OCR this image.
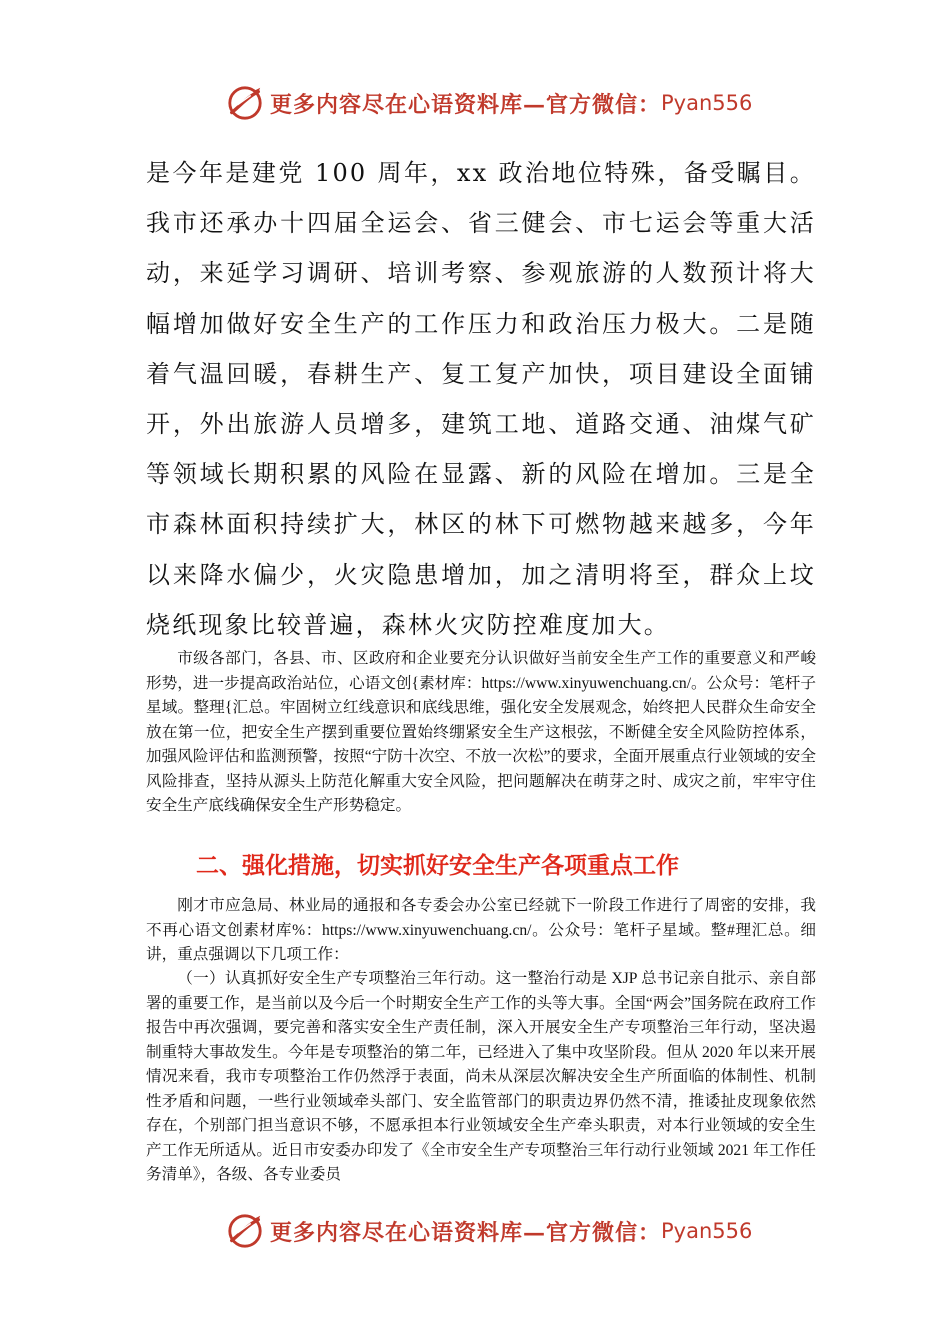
更多内容尽在心语资料库—官方微信： Pyan556
是今年是建党 100 周年，xx 政治地位特殊，备受瞩目。我市还承办十四届全运会、省三健会、市七运会等重大活动，来延学习调研、培训考察、参观旅游的人数预计将大幅增加做好安全生产的工作压力和政治压力极大。二是随着气温回暖，春耕生产、复工复产加快，项目建设全面铺开，外出旅游人员增多，建筑工地、道路交通、油煤气矿等领域长期积累的风险在显露、新的风险在增加。三是全市森林面积持续扩大，林区的林下可燃物越来越多，今年以来降水偏少，火灾隐患增加，加之清明将至，群众上坟烧纸现象比较普遍，森林火灾防控难度加大。

市级各部门，各县、市、区政府和企业要充分认识做好当前安全生产工作的重要意义和严峻形势，进一步提高政治站位，心语文创{素材库：https://www.xinyuwenchuang.cn/。公众号：笔杆子星域。整理{汇总。牢固树立红线意识和底线思维，强化安全发展观念，始终把人民群众生命安全放在第一位，把安全生产摆到重要位置始终绷紧安全生产这根弦，不断健全安全风险防控体系，加强风险评估和监测预警，按照“宁防十次空、不放一次松”的要求，全面开展重点行业领域的安全风险排查，坚持从源头上防范化解重大安全风险，把问题解决在萌芽之时、成灾之前，牢牢守住安全生产底线确保安全生产形势稳定。

二、强化措施，切实抓好安全生产各项重点工作

刚才市应急局、林业局的通报和各专委会办公室已经就下一阶段工作进行了周密的安排，我不再心语文创素材库%：https://www.xinyuwenchuang.cn/。公众号：笔杆子星域。整#理汇总。细讲，重点强调以下几项工作：

（一）认真抓好安全生产专项整治三年行动。这一整治行动是 XJP 总书记亲自批示、亲自部署的重要工作，是当前以及今后一个时期安全生产工作的头等大事。全国“两会”国务院在政府工作报告中再次强调，要完善和落实安全生产责任制，深入开展安全生产专项整治三年行动，坚决遏制重特大事故发生。今年是专项整治的第二年，已经进入了集中攻坚阶段。但从 2020 年以来开展情况来看，我市专项整治工作仍然浮于表面，尚未从深层次解决安全生产所面临的体制性、机制性矛盾和问题，一些行业领域牵头部门、安全监管部门的职责边界仍然不清，推诿扯皮现象依然存在，个别部门担当意识不够，不愿承担本行业领域安全生产牵头职责，对本行业领域的安全生产工作无所适从。近日市安委办印发了《全市安全生产专项整治三年行动行业领域 2021 年工作任务清单》，各级、各专业委员

更多内容尽在心语资料库—官方微信： Pyan556
